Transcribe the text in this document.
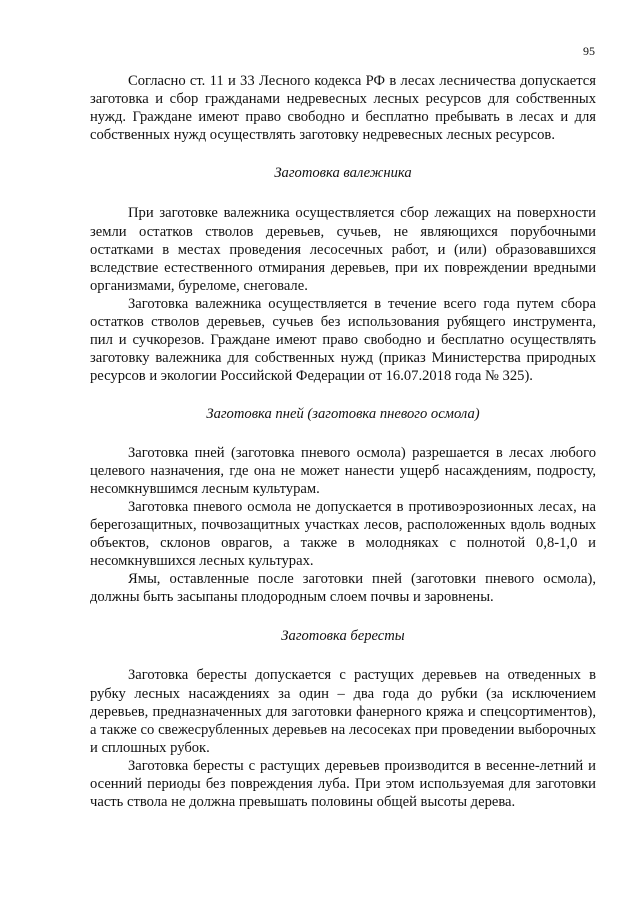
95

Согласно ст. 11 и 33 Лесного кодекса РФ в лесах лесничества допускается заготовка и сбор гражданами недревесных лесных ресурсов для собственных нужд. Граждане имеют право свободно и бесплатно пребывать в лесах и для собственных нужд осуществлять заготовку недревесных лесных ресурсов.

Заготовка валежника

При заготовке валежника осуществляется сбор лежащих на поверхности земли остатков стволов деревьев, сучьев, не являющихся порубочными остатками в местах проведения лесосечных работ, и (или) образовавшихся вследствие естественного отмирания деревьев, при их повреждении вредными организмами, буреломе, снеговале.

Заготовка валежника осуществляется в течение всего года путем сбора остатков стволов деревьев, сучьев без использования рубящего инструмента, пил и сучкорезов. Граждане имеют право свободно и бесплатно осуществлять заготовку валежника для собственных нужд (приказ Министерства природных ресурсов и экологии Российской Федерации от 16.07.2018 года № 325).

Заготовка пней (заготовка пневого осмола)

Заготовка пней (заготовка пневого осмола) разрешается в лесах любого целевого назначения, где она не может нанести ущерб насаждениям, подросту, несомкнувшимся лесным культурам.

Заготовка пневого осмола не допускается в противоэрозионных лесах, на берегозащитных, почвозащитных участках лесов, расположенных вдоль водных объектов, склонов оврагов, а также в молодняках с полнотой 0,8-1,0 и несомкнувшихся лесных культурах.

Ямы, оставленные после заготовки пней (заготовки пневого осмола), должны быть засыпаны плодородным слоем почвы и заровнены.

Заготовка бересты

Заготовка бересты допускается с растущих деревьев на отведенных в рубку лесных насаждениях за один – два года до рубки (за исключением деревьев, предназначенных для заготовки фанерного кряжа и спецсортиментов), а также со свежесрубленных деревьев на лесосеках при проведении выборочных и сплошных рубок.

Заготовка бересты с растущих деревьев производится в весенне-летний и осенний периоды без повреждения луба. При этом используемая для заготовки часть ствола не должна превышать половины общей высоты дерева.
